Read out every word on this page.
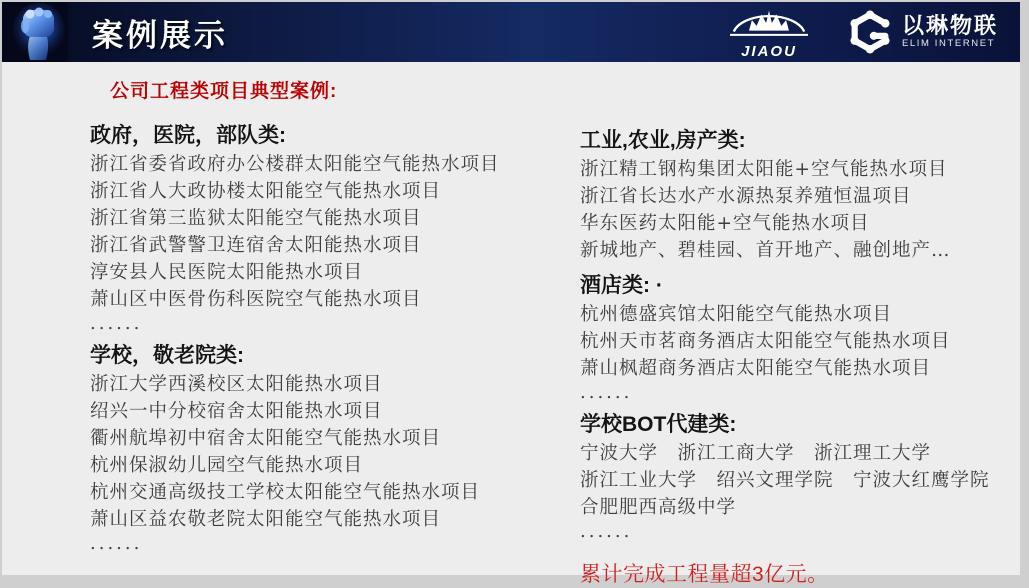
案例展示	JIAOU
以琳物联
ELIM INTERNET
公司工程类项目典型案例:
政府，医院，部队类:
浙江省委省政府办公楼群太阳能空气能热水项目
浙江省人大政协楼太阳能空气能热水项目
浙江省第三监狱太阳能空气能热水项目
浙江省武警警卫连宿舍太阳能热水项目
淳安县人民医院太阳能热水项目
萧山区中医骨伤科医院空气能热水项目
......
学校，敬老院类:
浙江大学西溪校区太阳能热水项目
绍兴一中分校宿舍太阳能热水项目
衢州航埠初中宿舍太阳能空气能热水项目
杭州保淑幼儿园空气能热水项目
杭州交通高级技工学校太阳能空气能热水项目
萧山区益农敬老院太阳能空气能热水项目
......
工业,农业,房产类:
浙江精工钢构集团太阳能+空气能热水项目
浙江省长达水产水源热泵养殖恒温项目
华东医药太阳能+空气能热水项目
新城地产、碧桂园、首开地产、融创地产…
酒店类: ·
杭州德盛宾馆太阳能空气能热水项目
杭州天市茗商务酒店太阳能空气能热水项目
萧山枫超商务酒店太阳能空气能热水项目
......
学校BOT代建类:
宁波大学　浙江工商大学　浙江理工大学
浙江工业大学　绍兴文理学院　宁波大红鹰学院
合肥肥西高级中学
......
累计完成工程量超3亿元。
